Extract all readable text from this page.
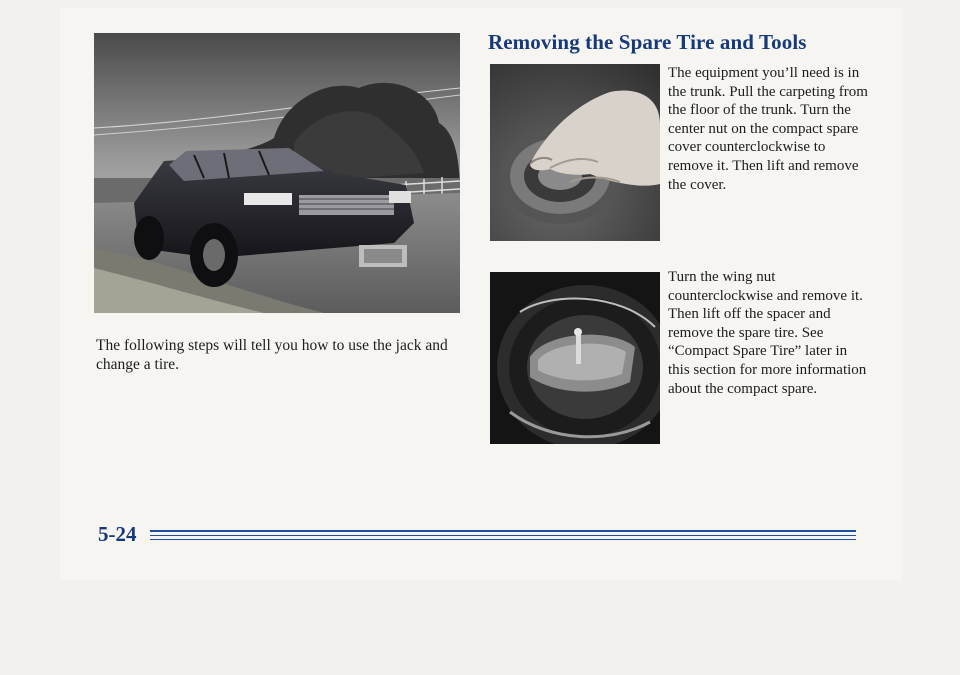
The following steps will tell you how to use the jack and change a tire.

Removing the Spare Tire and Tools

The equipment you’ll need is in the trunk. Pull the carpeting from the floor of the trunk. Turn the center nut on the compact spare cover counterclockwise to remove it. Then lift and remove the cover.

Turn the wing nut counterclockwise and remove it. Then lift off the spacer and remove the spare tire. See “Compact Spare Tire” later in this section for more information about the compact spare.

5-24
